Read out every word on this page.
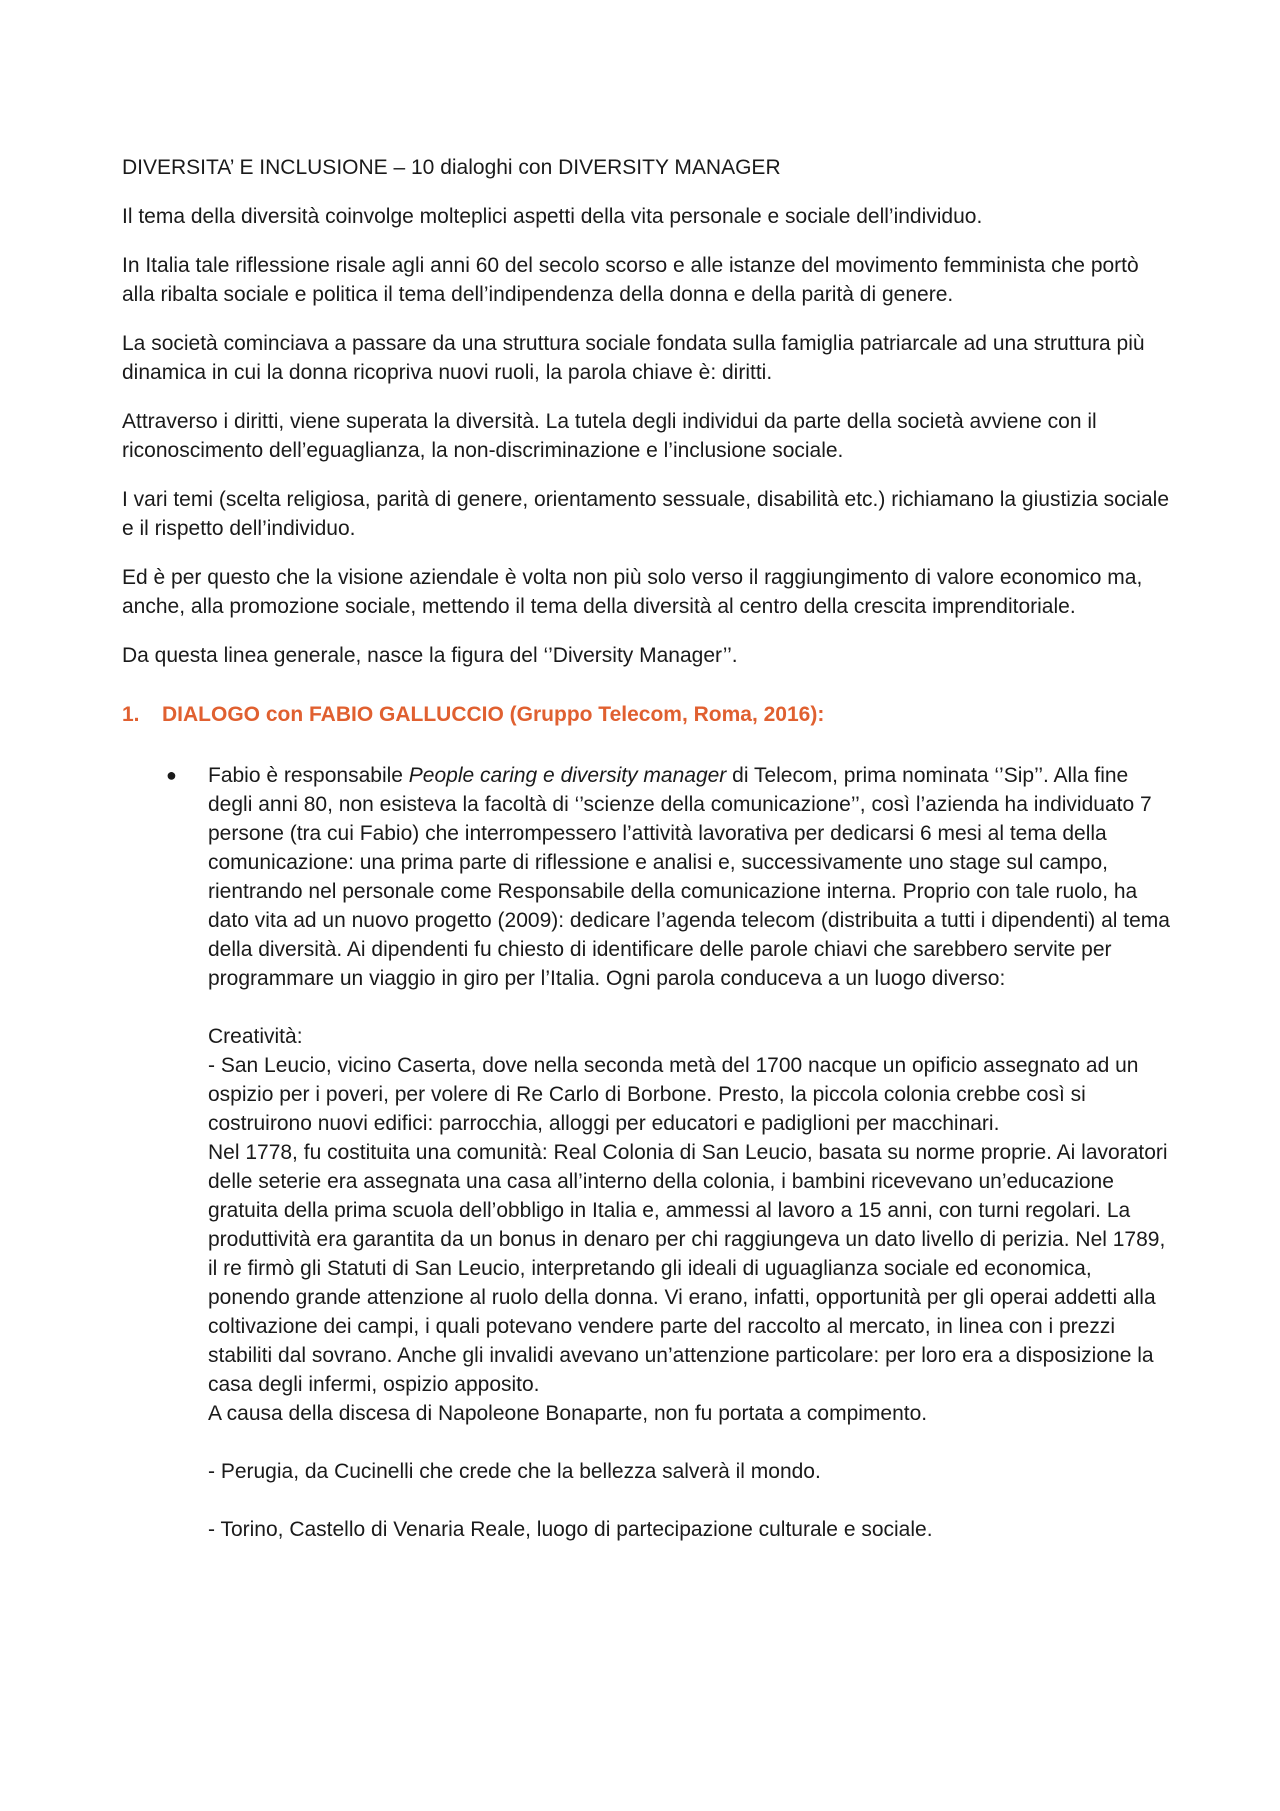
DIVERSITA’ E INCLUSIONE – 10 dialoghi con DIVERSITY MANAGER

Il tema della diversità coinvolge molteplici aspetti della vita personale e sociale dell’individuo.

In Italia tale riflessione risale agli anni 60 del secolo scorso e alle istanze del movimento femminista che portò alla ribalta sociale e politica il tema dell’indipendenza della donna e della parità di genere.

La società cominciava a passare da una struttura sociale fondata sulla famiglia patriarcale ad una struttura più dinamica in cui la donna ricopriva nuovi ruoli, la parola chiave è: diritti.

Attraverso i diritti, viene superata la diversità. La tutela degli individui da parte della società avviene con il riconoscimento dell’eguaglianza, la non-discriminazione e l’inclusione sociale.

I vari temi (scelta religiosa, parità di genere, orientamento sessuale, disabilità etc.) richiamano la giustizia sociale e il rispetto dell’individuo.

Ed è per questo che la visione aziendale è volta non più solo verso il raggiungimento di valore economico ma, anche, alla promozione sociale, mettendo il tema della diversità al centro della crescita imprenditoriale.

Da questa linea generale, nasce la figura del ‘’Diversity Manager’’.

1.	DIALOGO con FABIO GALLUCCIO (Gruppo Telecom, Roma, 2016):
● Fabio è responsabile People caring e diversity manager di Telecom, prima nominata ‘’Sip’’. Alla fine degli anni 80, non esisteva la facoltà di ‘’scienze della comunicazione’’, così l’azienda ha individuato 7 persone (tra cui Fabio) che interrompessero l’attività lavorativa per dedicarsi 6 mesi al tema della comunicazione: una prima parte di riflessione e analisi e, successivamente uno stage sul campo, rientrando nel personale come Responsabile della comunicazione interna. Proprio con tale ruolo, ha dato vita ad un nuovo progetto (2009): dedicare l’agenda telecom (distribuita a tutti i dipendenti) al tema della diversità. Ai dipendenti fu chiesto di identificare delle parole chiavi che sarebbero servite per programmare un viaggio in giro per l’Italia. Ogni parola conduceva a un luogo diverso:
Creatività:
- San Leucio, vicino Caserta, dove nella seconda metà del 1700 nacque un opificio assegnato ad un ospizio per i poveri, per volere di Re Carlo di Borbone. Presto, la piccola colonia crebbe così si costruirono nuovi edifici: parrocchia, alloggi per educatori e padiglioni per macchinari.
Nel 1778, fu costituita una comunità: Real Colonia di San Leucio, basata su norme proprie. Ai lavoratori delle seterie era assegnata una casa all’interno della colonia, i bambini ricevevano un’educazione gratuita della prima scuola dell’obbligo in Italia e, ammessi al lavoro a 15 anni, con turni regolari. La produttività era garantita da un bonus in denaro per chi raggiungeva un dato livello di perizia. Nel 1789, il re firmò gli Statuti di San Leucio, interpretando gli ideali di uguaglianza sociale ed economica, ponendo grande attenzione al ruolo della donna. Vi erano, infatti, opportunità per gli operai addetti alla coltivazione dei campi, i quali potevano vendere parte del raccolto al mercato, in linea con i prezzi stabiliti dal sovrano. Anche gli invalidi avevano un’attenzione particolare: per loro era a disposizione la casa degli infermi, ospizio apposito.
A causa della discesa di Napoleone Bonaparte, non fu portata a compimento.
- Perugia, da Cucinelli che crede che la bellezza salverà il mondo.
- Torino, Castello di Venaria Reale, luogo di partecipazione culturale e sociale.
